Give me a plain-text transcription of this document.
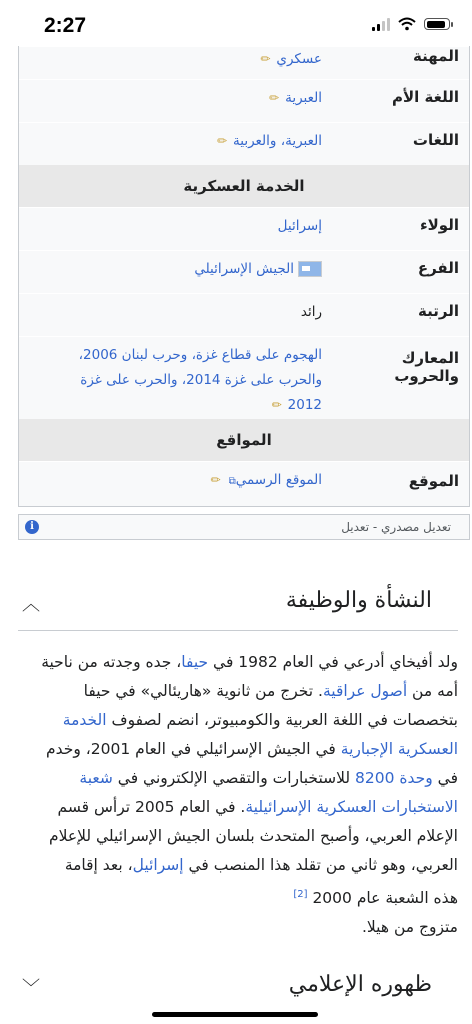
2:27
المهنة
عسكري✏
اللغة الأم
العبرية✏
اللغات
العبرية، والعربية✏
الخدمة العسكرية
الولاء
إسرائيل
الفرع
الجيش الإسرائيلي
الرتبة
رائد
المعارك والحروب
الهجوم على قطاع غزة، وحرب لبنان 2006،
والحرب على غزة 2014، والحرب على غزة
2012✏
المواقع
الموقع
الموقع الرسمي⧉✏
تعديل مصدري - تعديل
i
︿	النشأة والوظيفة
ولد أفيخاي أدرعي في العام 1982 في حيفا، جده وجدته من ناحية
أمه من أصول عراقية. تخرج من ثانوية «هاريئالي» في حيفا
بتخصصات في اللغة العربية والكومبيوتر، انضم لصفوف الخدمة
العسكرية الإجبارية في الجيش الإسرائيلي في العام 2001، وخدم
في وحدة 8200 للاستخبارات والتقصي الإلكتروني في شعبة
الاستخبارات العسكرية الإسرائيلية. في العام 2005 ترأس قسم
الإعلام العربي، وأصبح المتحدث بلسان الجيش الإسرائيلي للإعلام
العربي، وهو ثاني من تقلد هذا المنصب في إسرائيل، بعد إقامة
هذه الشعبة عام 2000 [2]
متزوج من هيلا.
﹀	ظهوره الإعلامي
